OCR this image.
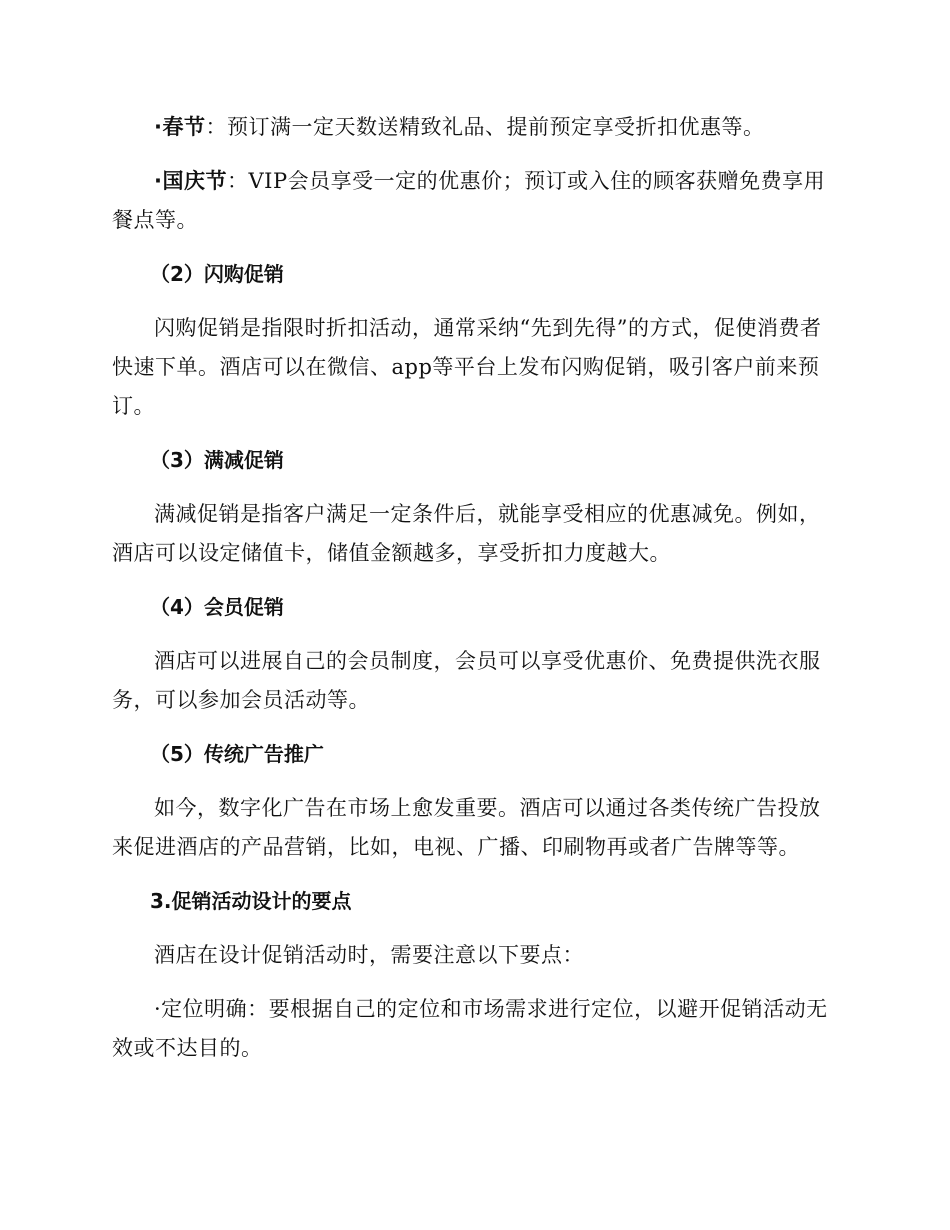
·春节：预订满一定天数送精致礼品、提前预定享受折扣优惠等。

·国庆节：VIP会员享受一定的优惠价；预订或入住的顾客获赠免费享用餐点等。

（2）闪购促销

闪购促销是指限时折扣活动，通常采纳“先到先得”的方式，促使消费者快速下单。酒店可以在微信、app等平台上发布闪购促销，吸引客户前来预订。

（3）满减促销

满减促销是指客户满足一定条件后，就能享受相应的优惠减免。例如，酒店可以设定储值卡，储值金额越多，享受折扣力度越大。

（4）会员促销

酒店可以进展自己的会员制度，会员可以享受优惠价、免费提供洗衣服务，可以参加会员活动等。

（5）传统广告推广

如今，数字化广告在市场上愈发重要。酒店可以通过各类传统广告投放来促进酒店的产品营销，比如，电视、广播、印刷物再或者广告牌等等。

3.促销活动设计的要点

酒店在设计促销活动时，需要注意以下要点：

·定位明确：要根据自己的定位和市场需求进行定位，以避开促销活动无效或不达目的。
